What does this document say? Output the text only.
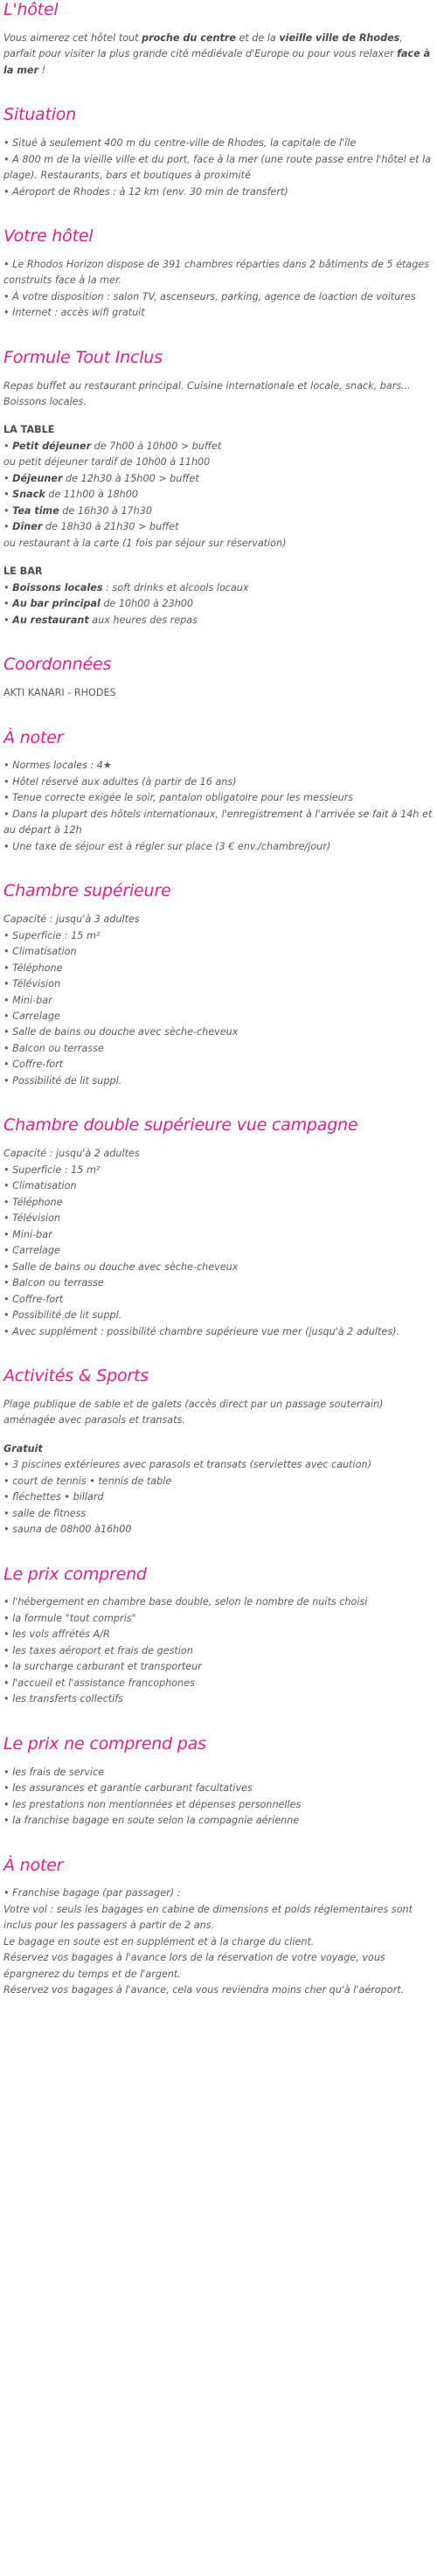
L'hôtel
Vous aimerez cet hôtel tout proche du centre et de la vieille ville de Rhodes, parfait pour visiter la plus grande cité médiévale d'Europe ou pour vous relaxer face à la mer !
Situation
• Situé à seulement 400 m du centre-ville de Rhodes, la capitale de l'île
• A 800 m de la vieille ville et du port, face à la mer (une route passe entre l'hôtel et la plage). Restaurants, bars et boutiques à proximité
• Aéroport de Rhodes : à 12 km (env. 30 min de transfert)
Votre hôtel
• Le Rhodos Horizon dispose de 391 chambres réparties dans 2 bâtiments de 5 étages construits face à la mer.
• À votre disposition : salon TV, ascenseurs, parking, agence de loaction de voitures
• Internet : accès wifi gratuit
Formule Tout Inclus
Repas buffet au restaurant principal. Cuisine internationale et locale, snack, bars... Boissons locales.
LA TABLE
• Petit déjeuner de 7h00 à 10h00 > buffet
ou petit déjeuner tardif de 10h00 à 11h00
• Déjeuner de 12h30 à 15h00 > buffet
• Snack de 11h00 à 18h00
• Tea time de 16h30 à 17h30
• Dîner de 18h30 à 21h30 > buffet
ou restaurant à la carte (1 fois par séjour sur réservation)
LE BAR
• Boissons locales : soft drinks et alcools locaux
• Au bar principal de 10h00 à 23h00
• Au restaurant aux heures des repas
Coordonnées
AKTI KANARI - RHODES
À noter
• Normes locales : 4★
• Hôtel réservé aux adultes (à partir de 16 ans)
• Tenue correcte exigée le soir, pantalon obligatoire pour les messieurs
• Dans la plupart des hôtels internationaux, l'enregistrement à l'arrivée se fait à 14h et au départ à 12h
• Une taxe de séjour est à régler sur place (3 € env./chambre/jour)
Chambre supérieure
Capacité : jusqu'à 3 adultes
• Superficie : 15 m²
• Climatisation
• Téléphone
• Télévision
• Mini-bar
• Carrelage
• Salle de bains ou douche avec sèche-cheveux
• Balcon ou terrasse
• Coffre-fort
• Possibilité de lit suppl.
Chambre double supérieure vue campagne
Capacité : jusqu'à 2 adultes
• Superficie : 15 m²
• Climatisation
• Téléphone
• Télévision
• Mini-bar
• Carrelage
• Salle de bains ou douche avec sèche-cheveux
• Balcon ou terrasse
• Coffre-fort
• Possibilité de lit suppl.
• Avec supplément : possibilité chambre supérieure vue mer (jusqu'à 2 adultes).
Activités & Sports
Plage publique de sable et de galets (accès direct par un passage souterrain) aménagée avec parasols et transats.
Gratuit
• 3 piscines extérieures avec parasols et transats (serviettes avec caution)
• court de tennis • tennis de table
• fléchettes • billard
• salle de fitness
• sauna de 08h00 à16h00
Le prix comprend
• l'hébergement en chambre base double, selon le nombre de nuits choisi
• la formule "tout compris"
• les vols affrétés A/R
• les taxes aéroport et frais de gestion
• la surcharge carburant et transporteur
• l'accueil et l'assistance francophones
• les transferts collectifs
Le prix ne comprend pas
• les frais de service
• les assurances et garantie carburant facultatives
• les prestations non mentionnées et dépenses personnelles
• la franchise bagage en soute selon la compagnie aérienne
À noter
• Franchise bagage (par passager) :
Votre vol : seuls les bagages en cabine de dimensions et poids réglementaires sont inclus pour les passagers à partir de 2 ans.
Le bagage en soute est en supplément et à la charge du client.
Réservez vos bagages à l'avance lors de la réservation de votre voyage, vous épargnerez du temps et de l'argent.
Réservez vos bagages à l'avance, cela vous reviendra moins cher qu'à l'aéroport.
